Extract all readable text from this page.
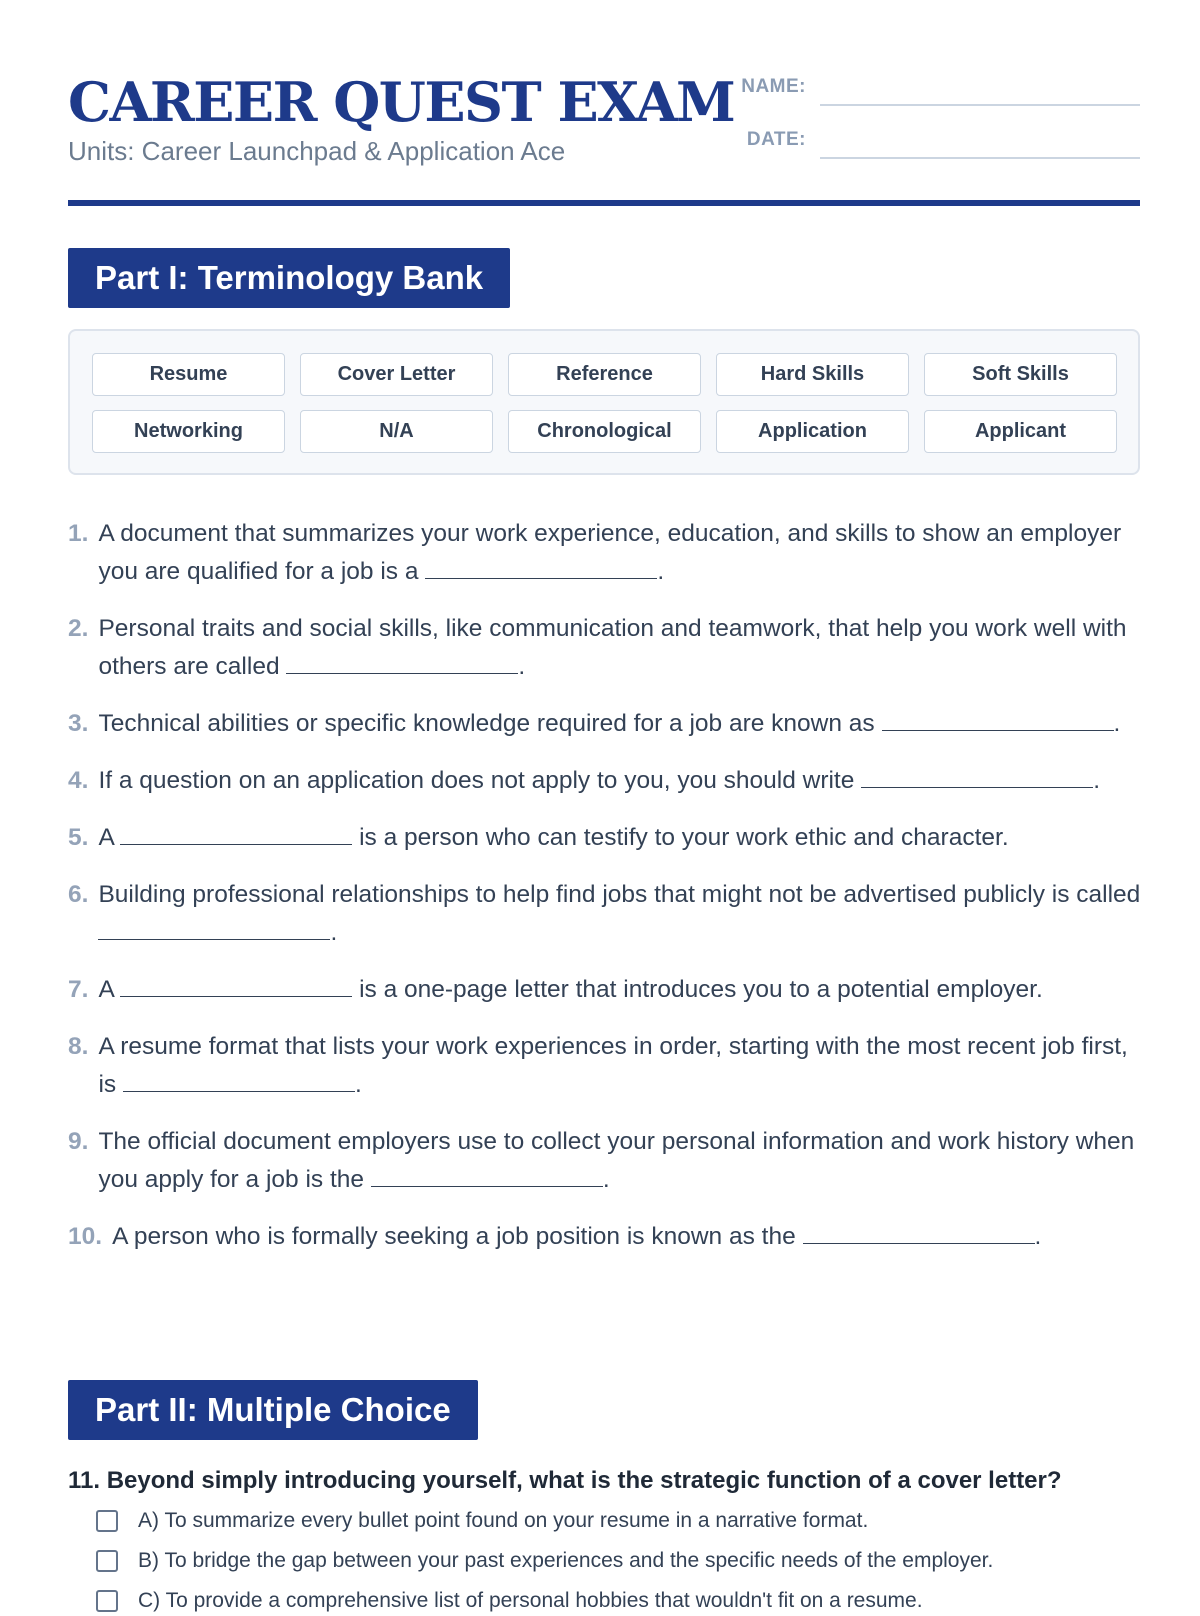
CAREER QUEST EXAM
Units: Career Launchpad & Application Ace
NAME:
DATE:
Part I: Terminology Bank
Resume	Cover Letter	Reference	Hard Skills	Soft Skills
Networking	N/A	Chronological	Application	Applicant
1. A document that summarizes your work experience, education, and skills to show an employer you are qualified for a job is a	.
2. Personal traits and social skills, like communication and teamwork, that help you work well with others are called	.
3. Technical abilities or specific knowledge required for a job are known as	.
4. If a question on an application does not apply to you, you should write	.
5. A	is a person who can testify to your work ethic and character.
6. Building professional relationships to help find jobs that might not be advertised publicly is called .
7. A	is a one-page letter that introduces you to a potential employer.
8. A resume format that lists your work experiences in order, starting with the most recent job first, is	.
9. The official document employers use to collect your personal information and work history when you apply for a job is the	.
10. A person who is formally seeking a job position is known as the	.
Part II: Multiple Choice
11. Beyond simply introducing yourself, what is the strategic function of a cover letter?
A) To summarize every bullet point found on your resume in a narrative format.
B) To bridge the gap between your past experiences and the specific needs of the employer.
C) To provide a comprehensive list of personal hobbies that wouldn't fit on a resume.
